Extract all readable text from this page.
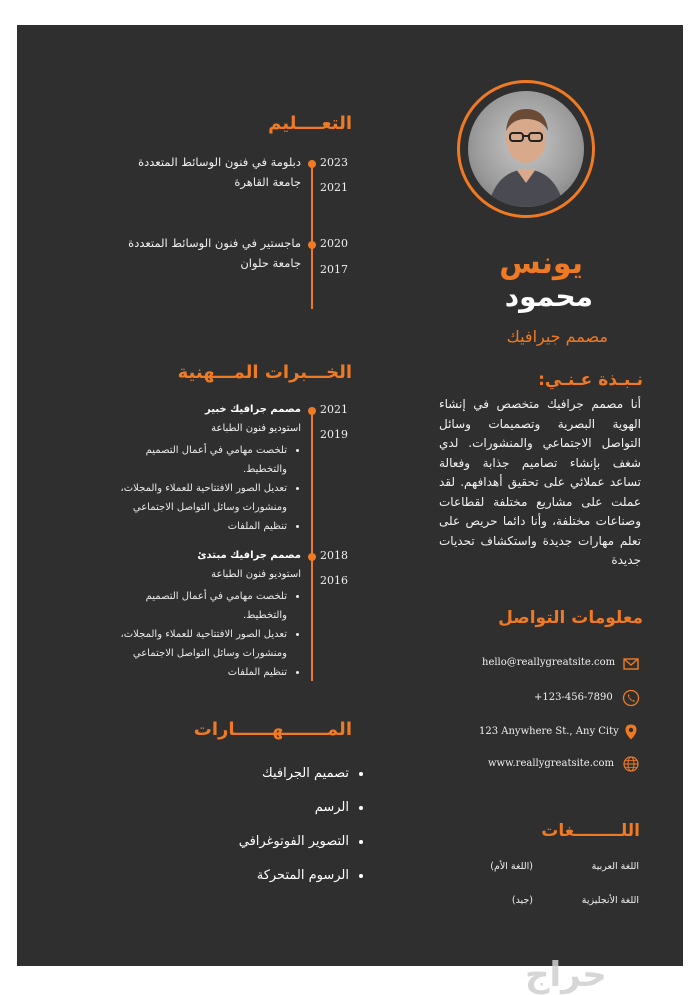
يونس
محمود
مصمم جيرافيك
نـبـذة عـنـي:
أنا مصمم جرافيك متخصص في إنشاء الهوية البصرية وتصميمات وسائل التواصل الاجتماعي والمنشورات. لدي شغف بإنشاء تصاميم جذابة وفعالة تساعد عملائي على تحقيق أهدافهم. لقد عملت على مشاريع مختلفة لقطاعات وصناعات مختلفة، وأنا دائما حريص على تعلم مهارات جديدة واستكشاف تحديات جديدة
معلومات التواصل
hello@reallygreatsite.com
+123-456-7890
123 Anywhere St., Any City
www.reallygreatsite.com
اللــــــــغات
اللغة العربية
(اللغة الأم)
اللغة الأنجليزية
(جيد)
التعــــليم
2023
2021
دبلومة في فنون الوسائط المتعددة
جامعة القاهرة
2020
2017
ماجستير في فنون الوسائط المتعددة
جامعة حلوان
الخـــبرات المـــهنية
2021
2019
مصمم جرافيك خبير
استوديو فنون الطباعة
• تلخصت مهامي في أعمال التصميم والتخطيط.
• تعديل الصور الافتتاحية للعملاء والمجلات، ومنشورات وسائل التواصل الاجتماعي
• تنظيم الملفات
2018
2016
مصمم جرافيك مبتدئ
استوديو فنون الطباعة
• تلخصت مهامي في أعمال التصميم والتخطيط.
• تعديل الصور الافتتاحية للعملاء والمجلات، ومنشورات وسائل التواصل الاجتماعي
• تنظيم الملفات
المـــــــهــــــارات
• تصميم الجرافيك
• الرسم
• التصوير الفوتوغرافي
• الرسوم المتحركة
حراج
